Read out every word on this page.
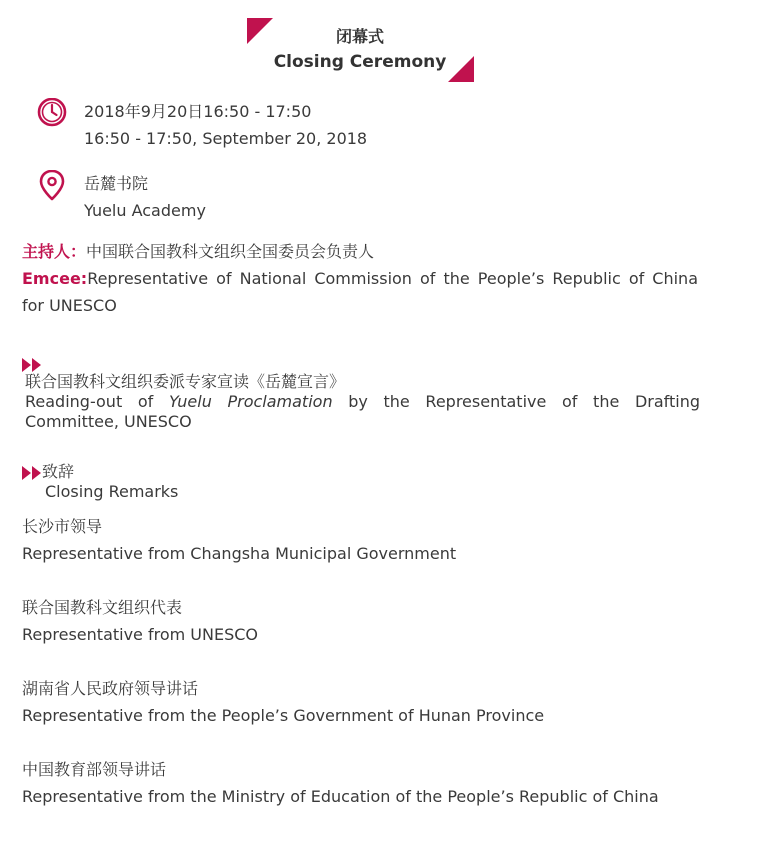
闭幕式
Closing Ceremony
2018年9月20日16:50 - 17:50
16:50 - 17:50, September 20, 2018
岳麓书院
Yuelu Academy
主持人：中国联合国教科文组织全国委员会负责人
Emcee:Representative of National Commission of the People’s Republic of China for UNESCO
联合国教科文组织委派专家宣读《岳麓宣言》
Reading-out of Yuelu Proclamation by the Representative of the Drafting Committee, UNESCO
致辞
Closing Remarks
长沙市领导
Representative from Changsha Municipal Government
联合国教科文组织代表
Representative from UNESCO
湖南省人民政府领导讲话
Representative from the People’s Government of Hunan Province
中国教育部领导讲话
Representative from the Ministry of Education of the People’s Republic of China
